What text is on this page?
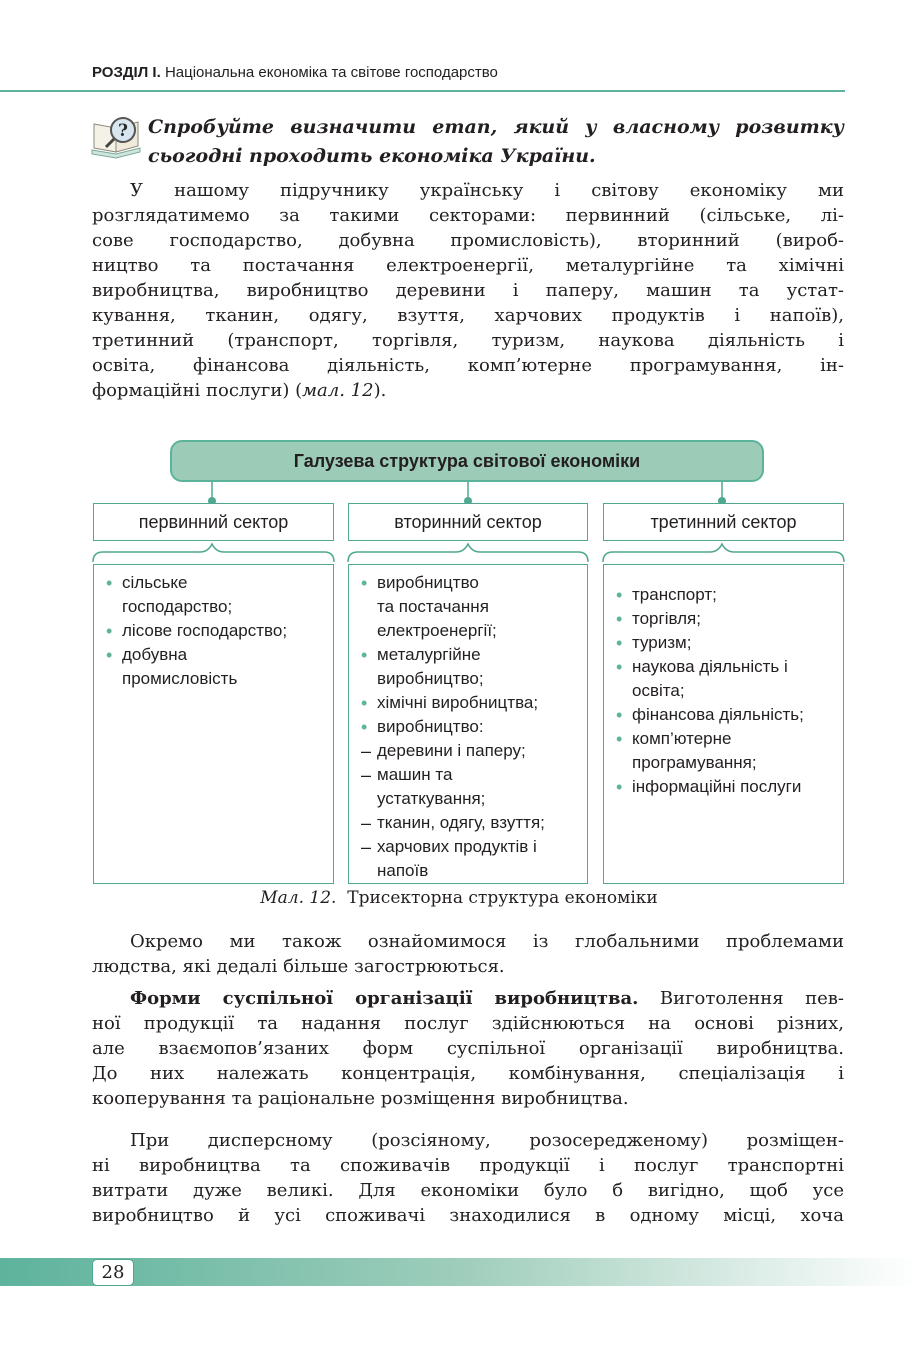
РОЗДІЛ І. Національна економіка та світове господарство
? Спробуйте визначити етап, який у власному розвитку
сьогодні проходить економіка України.
У нашому підручнику українську і світову економіку ми
розглядатимемо за такими секторами: первинний (сільське, лі-
сове господарство, добувна промисловість), вторинний (вироб-
ництво та постачання електроенергії, металургійне та хімічні
виробництва, виробництво деревини і паперу, машин та устат-
кування, тканин, одягу, взуття, харчових продуктів і напоїв),
третинний (транспорт, торгівля, туризм, наукова діяльність і
освіта, фінансова діяльність, комп’ютерне програмування, ін-
формаційні послуги) (мал. 12).
Галузева структура світової економіки
первинний сектор	вторинний сектор	третинний сектор
• сільське
господарство;
• лісове господарство;
• добувна
промисловість
• виробництво
та постачання
електроенергії;
• металургійне
виробництво;
• хімічні виробництва;
• виробництво:
– деревини і паперу;
– машин та
устаткування;
– тканин, одягу, взуття;
– харчових продуктів і
напоїв
• транспорт;
• торгівля;
• туризм;
• наукова діяльність і
освіта;
• фінансова діяльність;
• комп’ютерне
програмування;
• інформаційні послуги
Мал. 12. Трисекторна структура економіки
Окремо ми також ознайомимося із глобальними проблемами
людства, які дедалі більше загострюються.
Форми суспільної організації виробництва. Виготолення пев-
ної продукції та надання послуг здійснюються на основі різних,
але взаємопов’язаних форм суспільної організації виробництва.
До них належать концентрація, комбінування, спеціалізація і
кооперування та раціональне розміщення виробництва.
При дисперсному (розсіяному, розосередженому) розміщен-
ні виробництва та споживачів продукції і послуг транспортні
витрати дуже великі. Для економіки було б вигідно, щоб усе
виробництво й усі споживачі знаходилися в одному місці, хоча
28
